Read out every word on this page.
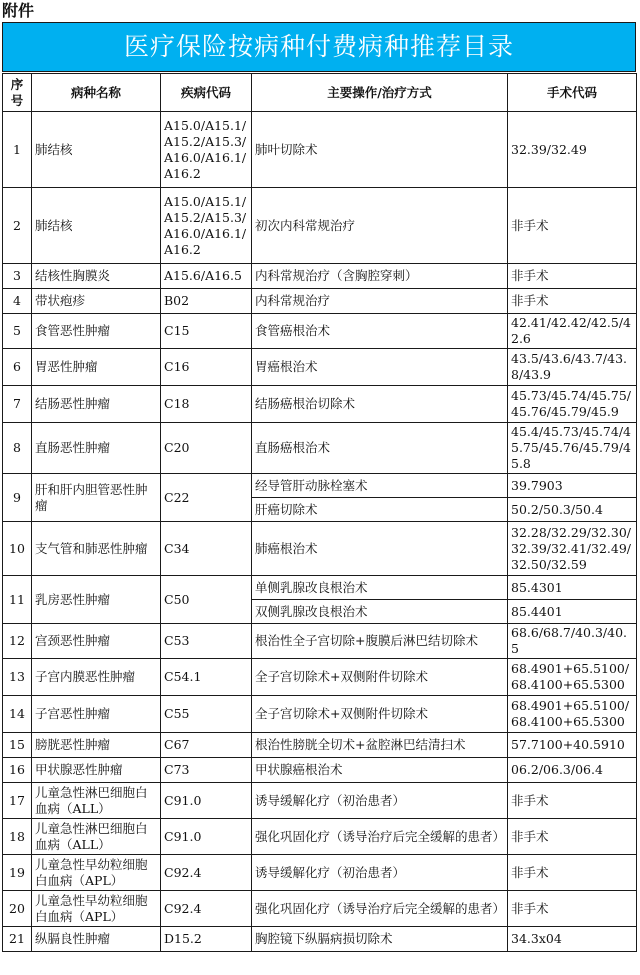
附件
医疗保险按病种付费病种推荐目录
序号	病种名称	疾病代码	主要操作/治疗方式	手术代码
1	肺结核	A15.0/A15.1/A15.2/A15.3/A16.0/A16.1/A16.2	肺叶切除术	32.39/32.49
2	肺结核	A15.0/A15.1/A15.2/A15.3/A16.0/A16.1/A16.2	初次内科常规治疗	非手术
3	结核性胸膜炎	A15.6/A16.5	内科常规治疗（含胸腔穿刺）	非手术
4	带状疱疹	B02	内科常规治疗	非手术
5	食管恶性肿瘤	C15	食管癌根治术	42.41/42.42/42.5/42.6
6	胃恶性肿瘤	C16	胃癌根治术	43.5/43.6/43.7/43.8/43.9
7	结肠恶性肿瘤	C18	结肠癌根治切除术	45.73/45.74/45.75/45.76/45.79/45.9
8	直肠恶性肿瘤	C20	直肠癌根治术	45.4/45.73/45.74/45.75/45.76/45.79/45.8
9	肝和肝内胆管恶性肿瘤	C22	经导管肝动脉栓塞术	39.7903
			肝癌切除术	50.2/50.3/50.4
10	支气管和肺恶性肿瘤	C34	肺癌根治术	32.28/32.29/32.30/32.39/32.41/32.49/32.50/32.59
11	乳房恶性肿瘤	C50	单侧乳腺改良根治术	85.4301
			双侧乳腺改良根治术	85.4401
12	宫颈恶性肿瘤	C53	根治性全子宫切除+腹膜后淋巴结切除术	68.6/68.7/40.3/40.5
13	子宫内膜恶性肿瘤	C54.1	全子宫切除术+双侧附件切除术	68.4901+65.5100/68.4100+65.5300
14	子宫恶性肿瘤	C55	全子宫切除术+双侧附件切除术	68.4901+65.5100/68.4100+65.5300
15	膀胱恶性肿瘤	C67	根治性膀胱全切术+盆腔淋巴结清扫术	57.7100+40.5910
16	甲状腺恶性肿瘤	C73	甲状腺癌根治术	06.2/06.3/06.4
17	儿童急性淋巴细胞白血病（ALL）	C91.0	诱导缓解化疗（初治患者）	非手术
18	儿童急性淋巴细胞白血病（ALL）	C91.0	强化巩固化疗（诱导治疗后完全缓解的患者）	非手术
19	儿童急性早幼粒细胞白血病（APL）	C92.4	诱导缓解化疗（初治患者）	非手术
20	儿童急性早幼粒细胞白血病（APL）	C92.4	强化巩固化疗（诱导治疗后完全缓解的患者）	非手术
21	纵膈良性肿瘤	D15.2	胸腔镜下纵膈病损切除术	34.3x04
